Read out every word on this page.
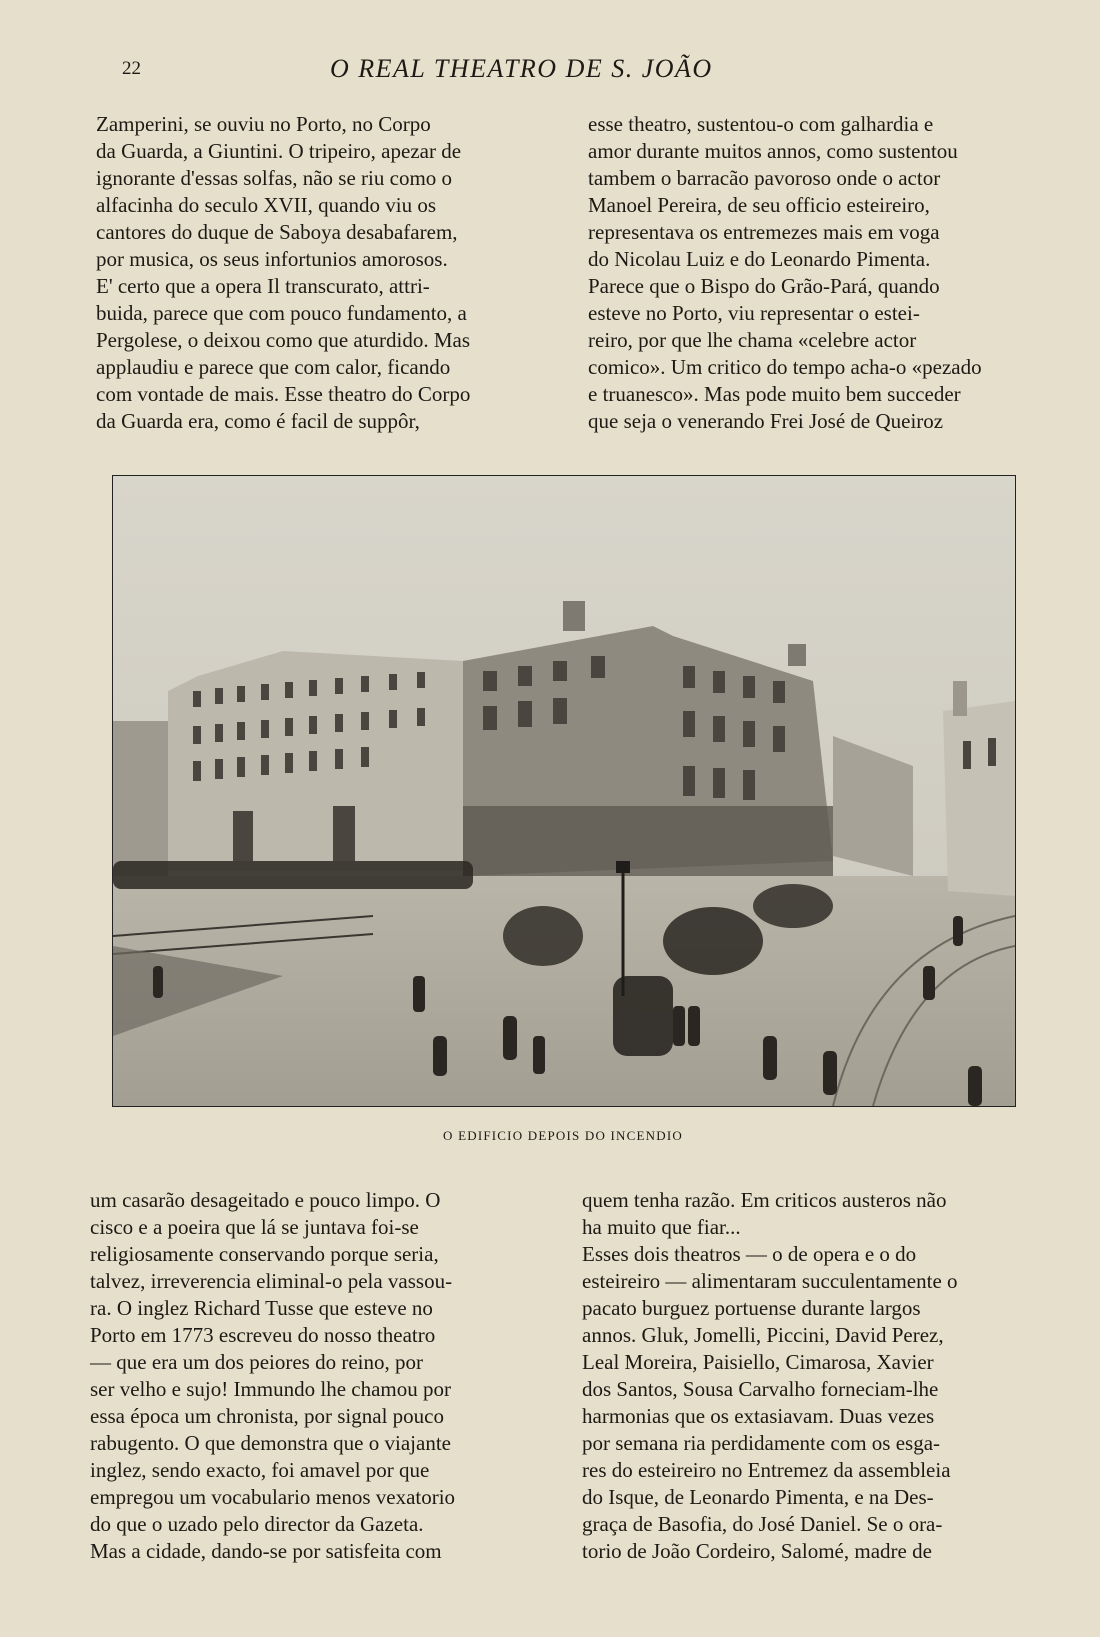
22	O REAL THEATRO DE S. JOÃO
Zamperini, se ouviu no Porto, no Corpo
da Guarda, a Giuntini. O tripeiro, apezar de
ignorante d'essas solfas, não se riu como o
alfacinha do seculo XVII, quando viu os
cantores do duque de Saboya desabafarem,
por musica, os seus infortunios amorosos.
E' certo que a opera Il transcurato, attri-
buida, parece que com pouco fundamento, a
Pergolese, o deixou como que aturdido. Mas
applaudiu e parece que com calor, ficando
com vontade de mais. Esse theatro do Corpo
da Guarda era, como é facil de suppôr,
esse theatro, sustentou-o com galhardia e
amor durante muitos annos, como sustentou
tambem o barracão pavoroso onde o actor
Manoel Pereira, de seu officio esteireiro,
representava os entremezes mais em voga
do Nicolau Luiz e do Leonardo Pimenta.
Parece que o Bispo do Grão-Pará, quando
esteve no Porto, viu representar o estei-
reiro, por que lhe chama «celebre actor
comico». Um critico do tempo acha-o «pezado
e truanesco». Mas pode muito bem succeder
que seja o venerando Frei José de Queiroz
O EDIFICIO DEPOIS DO INCENDIO
um casarão desageitado e pouco limpo. O
cisco e a poeira que lá se juntava foi-se
religiosamente conservando porque seria,
talvez, irreverencia eliminal-o pela vassou-
ra. O inglez Richard Tusse que esteve no
Porto em 1773 escreveu do nosso theatro
— que era um dos peiores do reino, por
ser velho e sujo! Immundo lhe chamou por
essa época um chronista, por signal pouco
rabugento. O que demonstra que o viajante
inglez, sendo exacto, foi amavel por que
empregou um vocabulario menos vexatorio
do que o uzado pelo director da Gazeta.
Mas a cidade, dando-se por satisfeita com
quem tenha razão. Em criticos austeros não
ha muito que fiar...
Esses dois theatros — o de opera e o do
esteireiro — alimentaram succulentamente o
pacato burguez portuense durante largos
annos. Gluk, Jomelli, Piccini, David Perez,
Leal Moreira, Paisiello, Cimarosa, Xavier
dos Santos, Sousa Carvalho forneciam-lhe
harmonias que os extasiavam. Duas vezes
por semana ria perdidamente com os esga-
res do esteireiro no Entremez da assembleia
do Isque, de Leonardo Pimenta, e na Des-
graça de Basofia, do José Daniel. Se o ora-
torio de João Cordeiro, Salomé, madre de
